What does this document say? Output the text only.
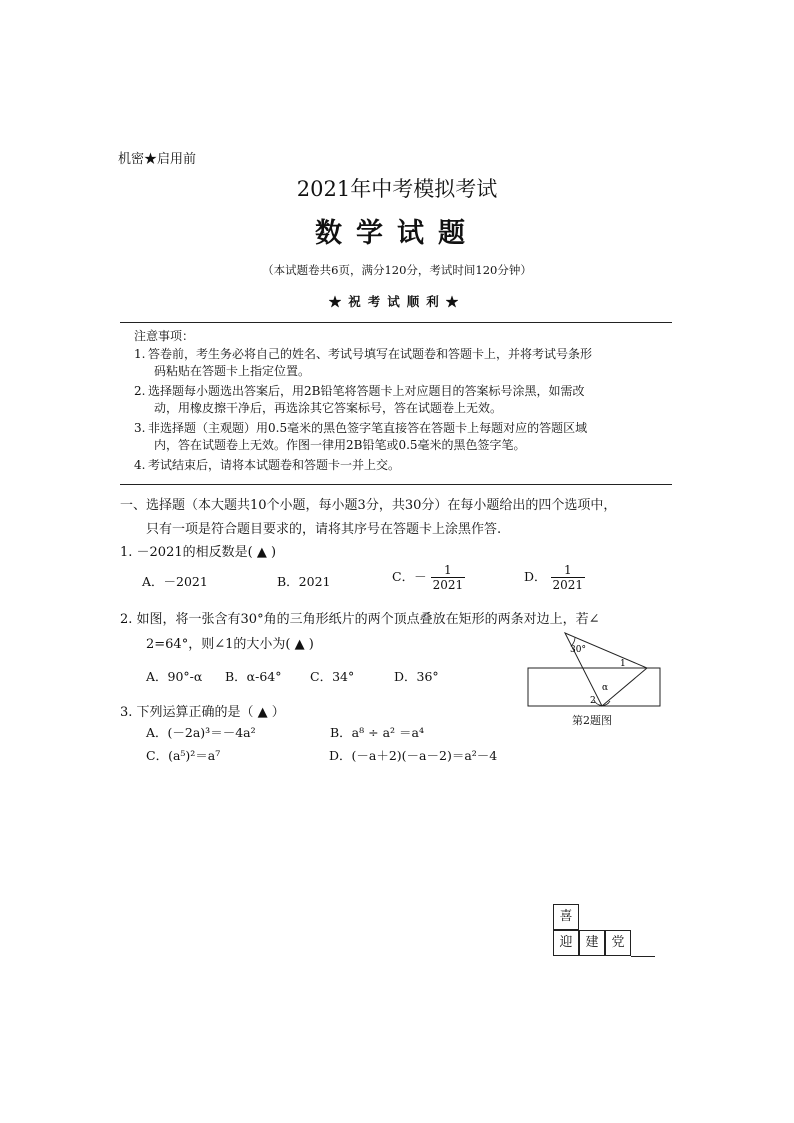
机密★启用前
2021年中考模拟考试
数学试题
（本试题卷共6页，满分120分，考试时间120分钟）
★祝考试顺利★
注意事项：
1. 答卷前，考生务必将自己的姓名、考试号填写在试题卷和答题卡上，并将考试号条形
码粘贴在答题卡上指定位置。
2. 选择题每小题选出答案后，用2B铅笔将答题卡上对应题目的答案标号涂黑，如需改
动，用橡皮擦干净后，再选涂其它答案标号，答在试题卷上无效。
3. 非选择题（主观题）用0.5毫米的黑色签字笔直接答在答题卡上每题对应的答题区域
内，答在试题卷上无效。作图一律用2B铅笔或0.5毫米的黑色签字笔。
4. 考试结束后，请将本试题卷和答题卡一并上交。
一、选择题（本大题共10个小题，每小题3分，共30分）在每小题给出的四个选项中，
只有一项是符合题目要求的，请将其序号在答题卡上涂黑作答.
1. －2021的相反数是( ▲ )
A．－2021	B．2021	C．－ $\frac{1}{2021}$	D． $\frac{1}{2021}$
2. 如图，将一张含有30°角的三角形纸片的两个顶点叠放在矩形的两条对边上，若∠
2=64°，则∠1的大小为( ▲ )
A．90°-α B．α-64° C．34°	D．36°
30°
1
2
α
第2题图
3. 下列运算正确的是（ ▲ ）
A．(－2a)³＝－4a²	B．a⁸ ÷ a² ＝a⁴
C．(a⁵)²＝a⁷	D．(－a＋2)(－a－2)＝a²－4
喜
迎 建 党
